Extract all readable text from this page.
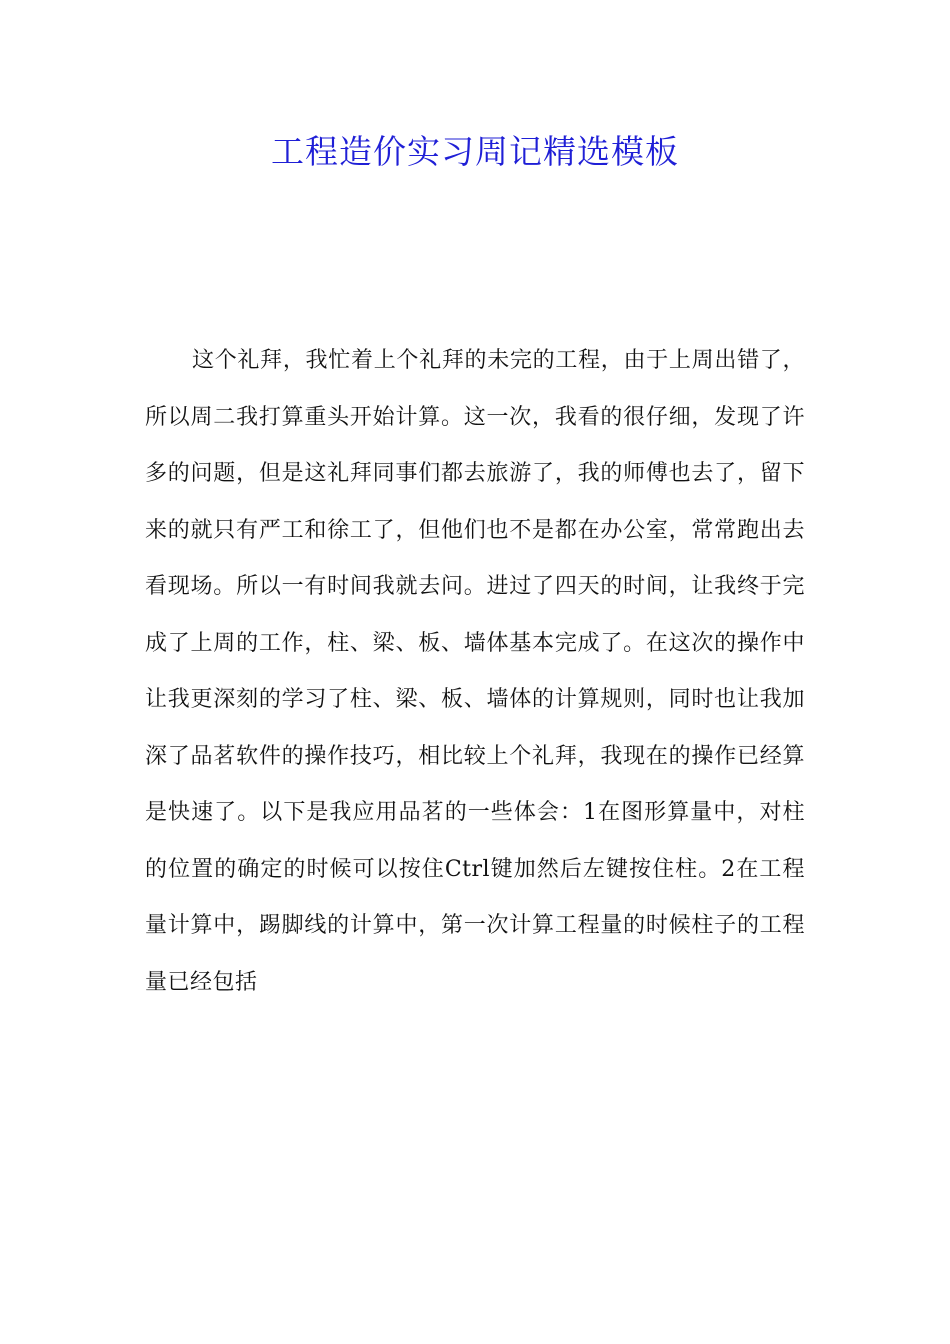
工程造价实习周记精选模板

这个礼拜，我忙着上个礼拜的未完的工程，由于上周出错了，所以周二我打算重头开始计算。这一次，我看的很仔细，发现了许多的问题，但是这礼拜同事们都去旅游了，我的师傅也去了，留下来的就只有严工和徐工了，但他们也不是都在办公室，常常跑出去看现场。所以一有时间我就去问。进过了四天的时间，让我终于完成了上周的工作，柱、梁、板、墙体基本完成了。在这次的操作中让我更深刻的学习了柱、梁、板、墙体的计算规则，同时也让我加深了品茗软件的操作技巧，相比较上个礼拜，我现在的操作已经算是快速了。以下是我应用品茗的一些体会：1在图形算量中，对柱的位置的确定的时候可以按住Ctrl键加然后左键按住柱。2在工程量计算中，踢脚线的计算中，第一次计算工程量的时候柱子的工程量已经包括
